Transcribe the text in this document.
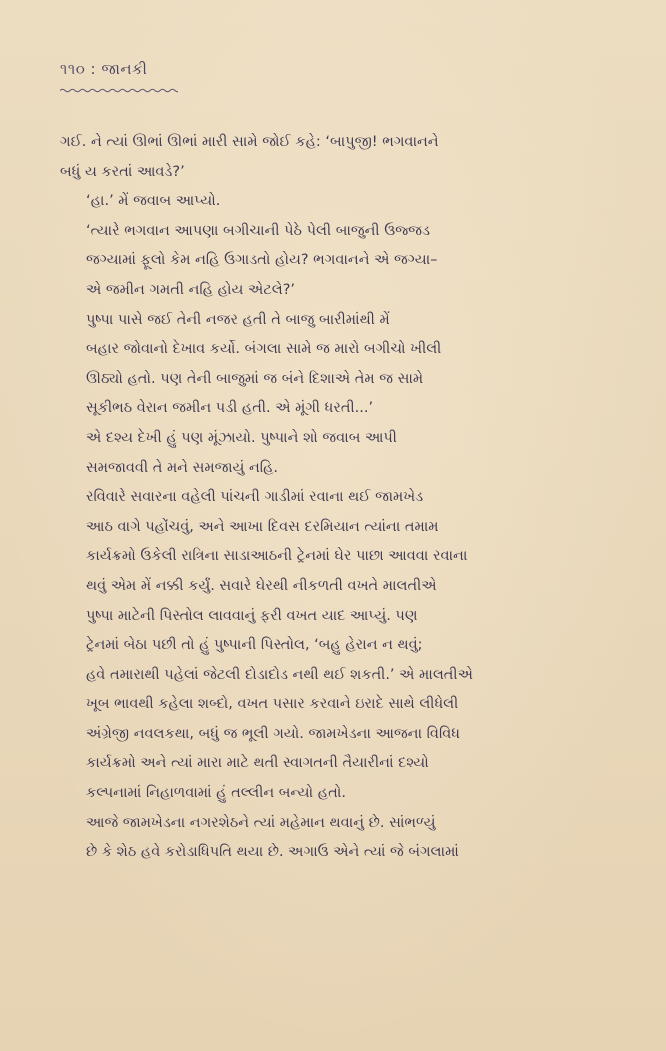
૧૧૦ : જાનકી

ગઈ. ને ત્યાં ઊભાં ઊભાં મારી સામે જોઈ કહે: ‘બાપુજી! ભગવાનને
બધું ય કરતાં આવડે?’

‘હા.’ મેં જવાબ આપ્યો.

‘ત્યારે ભગવાન આપણા બગીચાની પેઠે પેલી બાજુની ઉજ્જડ
જગ્યામાં ફૂલો કેમ નહિ ઉગાડતો હોય? ભગવાનને એ જગ્યા–
એ જમીન ગમતી નહિ હોય એટલે?’

પુષ્પા પાસે જઈ તેની નજર હતી તે બાજુ બારીમાંથી મેં
બહાર જોવાનો દેખાવ કર્યો. બંગલા સામે જ મારો બગીચો ખીલી
ઊઠ્યો હતો. પણ તેની બાજુમાં જ બંને દિશાએ તેમ જ સામે
સૂકીભઠ વેરાન જમીન પડી હતી. એ મૂંગી ધરતી...’

એ દશ્ય દેખી હું પણ મૂંઝાયો. પુષ્પાને શો જવાબ આપી
સમજાવવી તે મને સમજાયું નહિ.

રવિવારે સવારના વહેલી પાંચની ગાડીમાં રવાના થઈ જામખેડ
આઠ વાગે પહોંચવું, અને આખા દિવસ દરમિયાન ત્યાંના તમામ
કાર્યક્રમો ઉકેલી રાત્રિના સાડાઆઠની ટ્રેનમાં ઘેર પાછા આવવા રવાના
થવું એમ મેં નક્કી કર્યું. સવારે ઘેરથી નીકળતી વખતે માલતીએ
પુષ્પા માટેની પિસ્તોલ લાવવાનું ફરી વખત યાદ આપ્યું. પણ
ટ્રેનમાં બેઠા પછી તો હું પુષ્પાની પિસ્તોલ, ‘બહુ હેરાન ન થવું;
હવે તમારાથી પહેલાં જેટલી દોડાદોડ નથી થઈ શકતી.’ એ માલતીએ
ખૂબ ભાવથી કહેલા શબ્દો, વખત પસાર કરવાને ઇરાદે સાથે લીધેલી
અંગ્રેજી નવલકથા, બધું જ ભૂલી ગયો. જામખેડના આજના વિવિધ
કાર્યક્રમો અને ત્યાં મારા માટે થતી સ્વાગતની તૈયારીનાં દશ્યો
કલ્પનામાં નિહાળવામાં હું તલ્લીન બન્યો હતો.

આજે જામખેડના નગરશેઠને ત્યાં મહેમાન થવાનું છે. સાંભળ્યું
છે કે શેઠ હવે કરોડાધિપતિ થયા છે. અગાઉ એને ત્યાં જે બંગલામાં
